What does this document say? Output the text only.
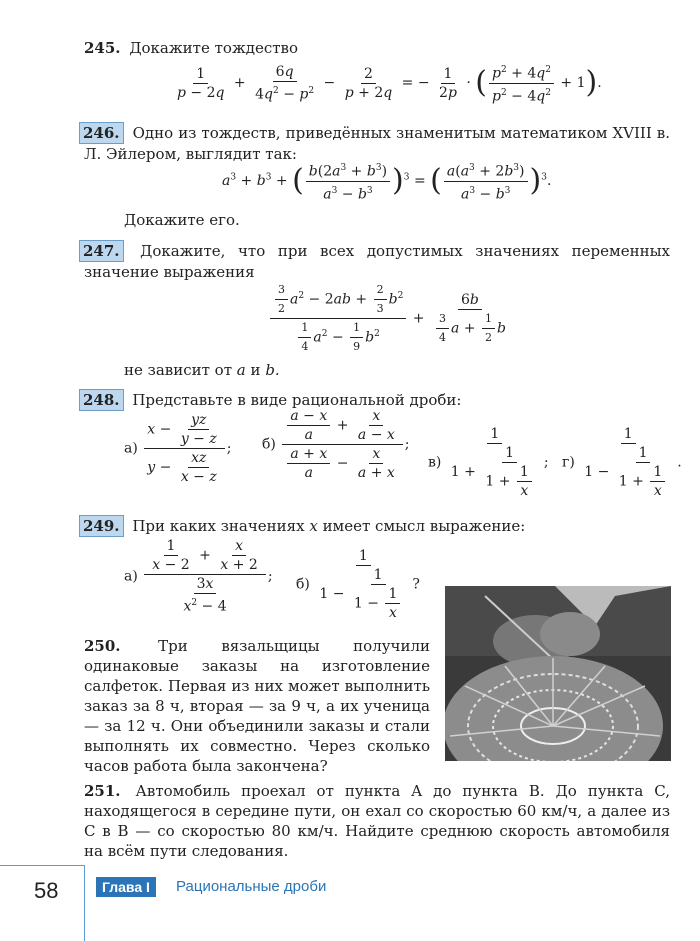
245. Докажите тождество
$\frac{1}{p - 2q} + \frac{6q}{4q^2 - p^2} - \frac{2}{p + 2q}$ = − $\frac{1}{2p}$ · ( $\frac{p^2 + 4q^2}{p^2 - 4q^2} + 1$).
246. Одно из тождеств, приведённых знаменитым математиком XVIII в. Л. Эйлером, выглядит так:
$a^3 + b^3$ + ( $\frac{b(2a^3 + b^3)}{a^3 - b^3} )^3$ = ( $\frac{a(a^3 + 2b^3)}{a^3 - b^3} )^3$.
Докажите его.
247. Докажите, что при всех допустимых значениях переменных значение выражения
$\frac{\frac{3}{2} a^2 - 2ab + \frac{2}{3} b^2}{\frac{1}{4} a^2 - \frac{1}{9} b^2} + \frac{6b}{\frac{3}{4} a + \frac{1}{2} b}$
не зависит от a и b.
248. Представьте в виде рациональной дроби:
$а) \frac{x - \frac{yz}{y - z}}{y - \frac{xz}{x - z}}$ ; $б) \frac{\frac{a - x}{a} + \frac{x}{a - x}}{\frac{a + x}{a} - \frac{x}{a + x}}$ ;
$в) \frac{1}{1 + \frac{1}{1 + \frac{1}{x}}}$ ; $г) \frac{1}{1 - \frac{1}{1 + \frac{1}{x}}}$ .
249. При каких значениях x имеет смысл выражение:
$а) \frac{\frac{1}{x - 2} + \frac{x}{x + 2}}{\frac{3x}{x^2 - 4}}$ ;
$б) \frac{1}{1 - \frac{1}{1 - \frac{1}{x}}}$ ?
250.	Три вязальщицы получили одинаковые заказы на изготовление салфеток. Первая из них может выполнить заказ за 8 ч, вторая — за 9 ч, а их ученица — за 12 ч. Они объединили заказы и стали выполнять их совместно. Через сколько часов работа была закончена?
251. Автомобиль проехал от пункта A до пункта B. До пункта C, находящегося в середине пути, он ехал со скоростью 60 км/ч, а далее из C в B — со скоростью 80 км/ч. Найдите среднюю скорость автомобиля на всём пути следования.
58	Глава I	Рациональные дроби
